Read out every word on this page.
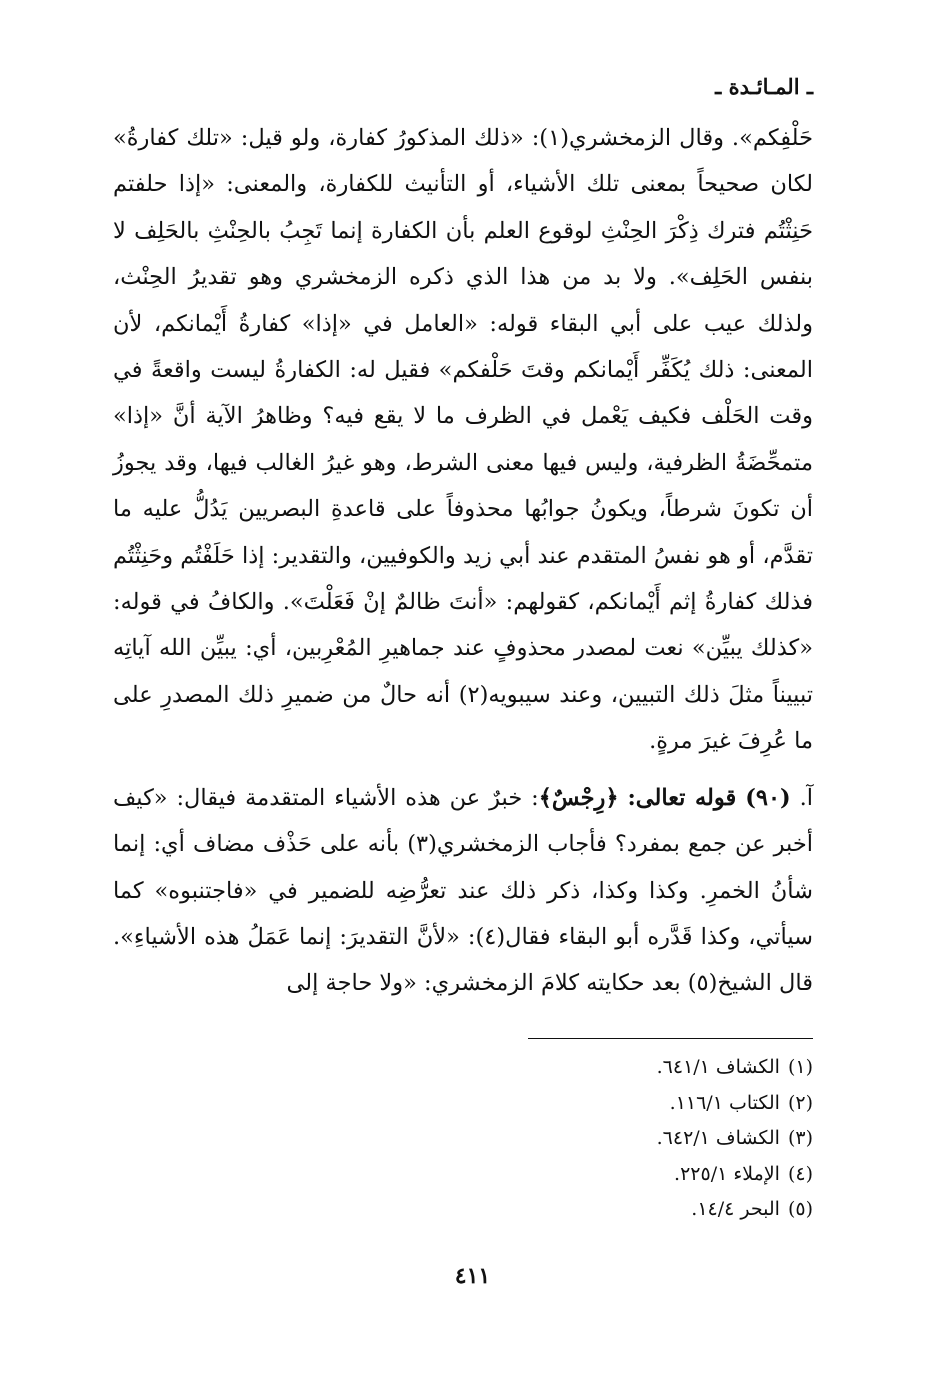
ـ المـائـدة ـ

حَلْفِكم». وقال الزمخشري(١): «ذلك المذكورُ كفارة، ولو قيل: «تلك كفارةُ» لكان صحيحاً بمعنى تلك الأشياء، أو التأنيث للكفارة، والمعنى: «إذا حلفتم حَنِثْتُم فترك ذِكْرَ الحِنْثِ لوقوع العلم بأن الكفارة إنما تَجِبُ بالحِنْثِ بالحَلِف لا بنفس الحَلِف». ولا بد من هذا الذي ذكره الزمخشري وهو تقديرُ الحِنْث، ولذلك عيب على أبي البقاء قوله: «العامل في «إذا» كفارةُ أَيْمانكم، لأن المعنى: ذلك يُكَفِّر أَيْمانكم وقتَ حَلْفكم» فقيل له: الكفارةُ ليست واقعةً في وقت الحَلْف فكيف يَعْمل في الظرف ما لا يقع فيه؟ وظاهرُ الآية أنَّ «إذا» متمحِّضَةُ الظرفية، وليس فيها معنى الشرط، وهو غيرُ الغالب فيها، وقد يجوزُ أن تكونَ شرطاً، ويكونُ جوابُها محذوفاً على قاعدةِ البصريين يَدُلُّ عليه ما تقدَّم، أو هو نفسُ المتقدم عند أبي زيد والكوفيين، والتقدير: إذا حَلَفْتُم وحَنِثْتُم فذلك كفارةُ إثم أَيْمانكم، كقولهم: «أنتَ ظالمٌ إنْ فَعَلْتَ». والكافُ في قوله: «كذلك يبيِّن» نعت لمصدر محذوفٍ عند جماهيرِ المُعْرِبين، أي: يبيِّن الله آياتِه تبييناً مثلَ ذلك التبيين، وعند سيبويه(٢) أنه حالٌ من ضميرِ ذلك المصدرِ على ما عُرِفَ غيرَ مرةٍ.

آ. (٩٠) قوله تعالى: ﴿رِجْسٌ﴾: خبرٌ عن هذه الأشياء المتقدمة فيقال: «كيف أخبر عن جمع بمفرد؟ فأجاب الزمخشري(٣) بأنه على حَذْف مضاف أي: إنما شأنُ الخمرِ. وكذا وكذا، ذكر ذلك عند تعرُّضِه للضمير في «فاجتنبوه» كما سيأتي، وكذا قَدَّره أبو البقاء فقال(٤): «لأنَّ التقديرَ: إنما عَمَلُ هذه الأشياءِ». قال الشيخ(٥) بعد حكايته كلامَ الزمخشري: «ولا حاجة إلى

(١)الكشاف ٦٤١/١.
(٢)الكتاب ١١٦/١.
(٣)الكشاف ٦٤٢/١.
(٤)الإملاء ٢٢٥/١.
(٥)البحر ١٤/٤.
٤١١
